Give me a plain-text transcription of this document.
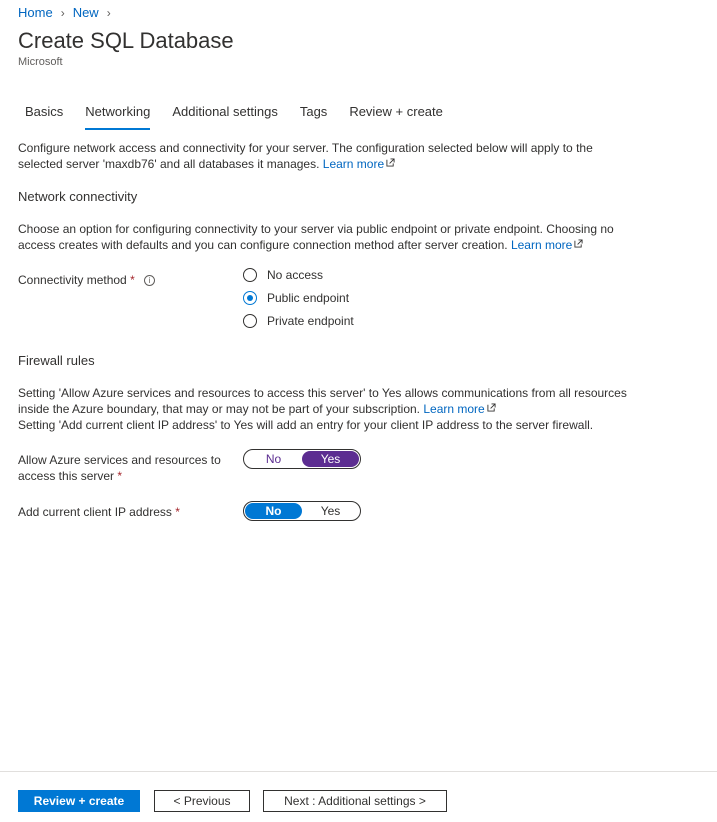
Home › New ›
Create SQL Database
Microsoft
Basics Networking Additional settings Tags Review + create
Configure network access and connectivity for your server. The configuration selected below will apply to the selected server 'maxdb76' and all databases it manages. Learn more
Network connectivity
Choose an option for configuring connectivity to your server via public endpoint or private endpoint. Choosing no access creates with defaults and you can configure connection method after server creation. Learn more
Connectivity method * i	No access
Public endpoint
Private endpoint
Firewall rules
Setting 'Allow Azure services and resources to access this server' to Yes allows communications from all resources inside the Azure boundary, that may or may not be part of your subscription. Learn more
Setting 'Add current client IP address' to Yes will add an entry for your client IP address to the server firewall.
Allow Azure services and resources to access this server *
No	Yes
Add current client IP address *	No	Yes
Review + create	< Previous	Next : Additional settings >
